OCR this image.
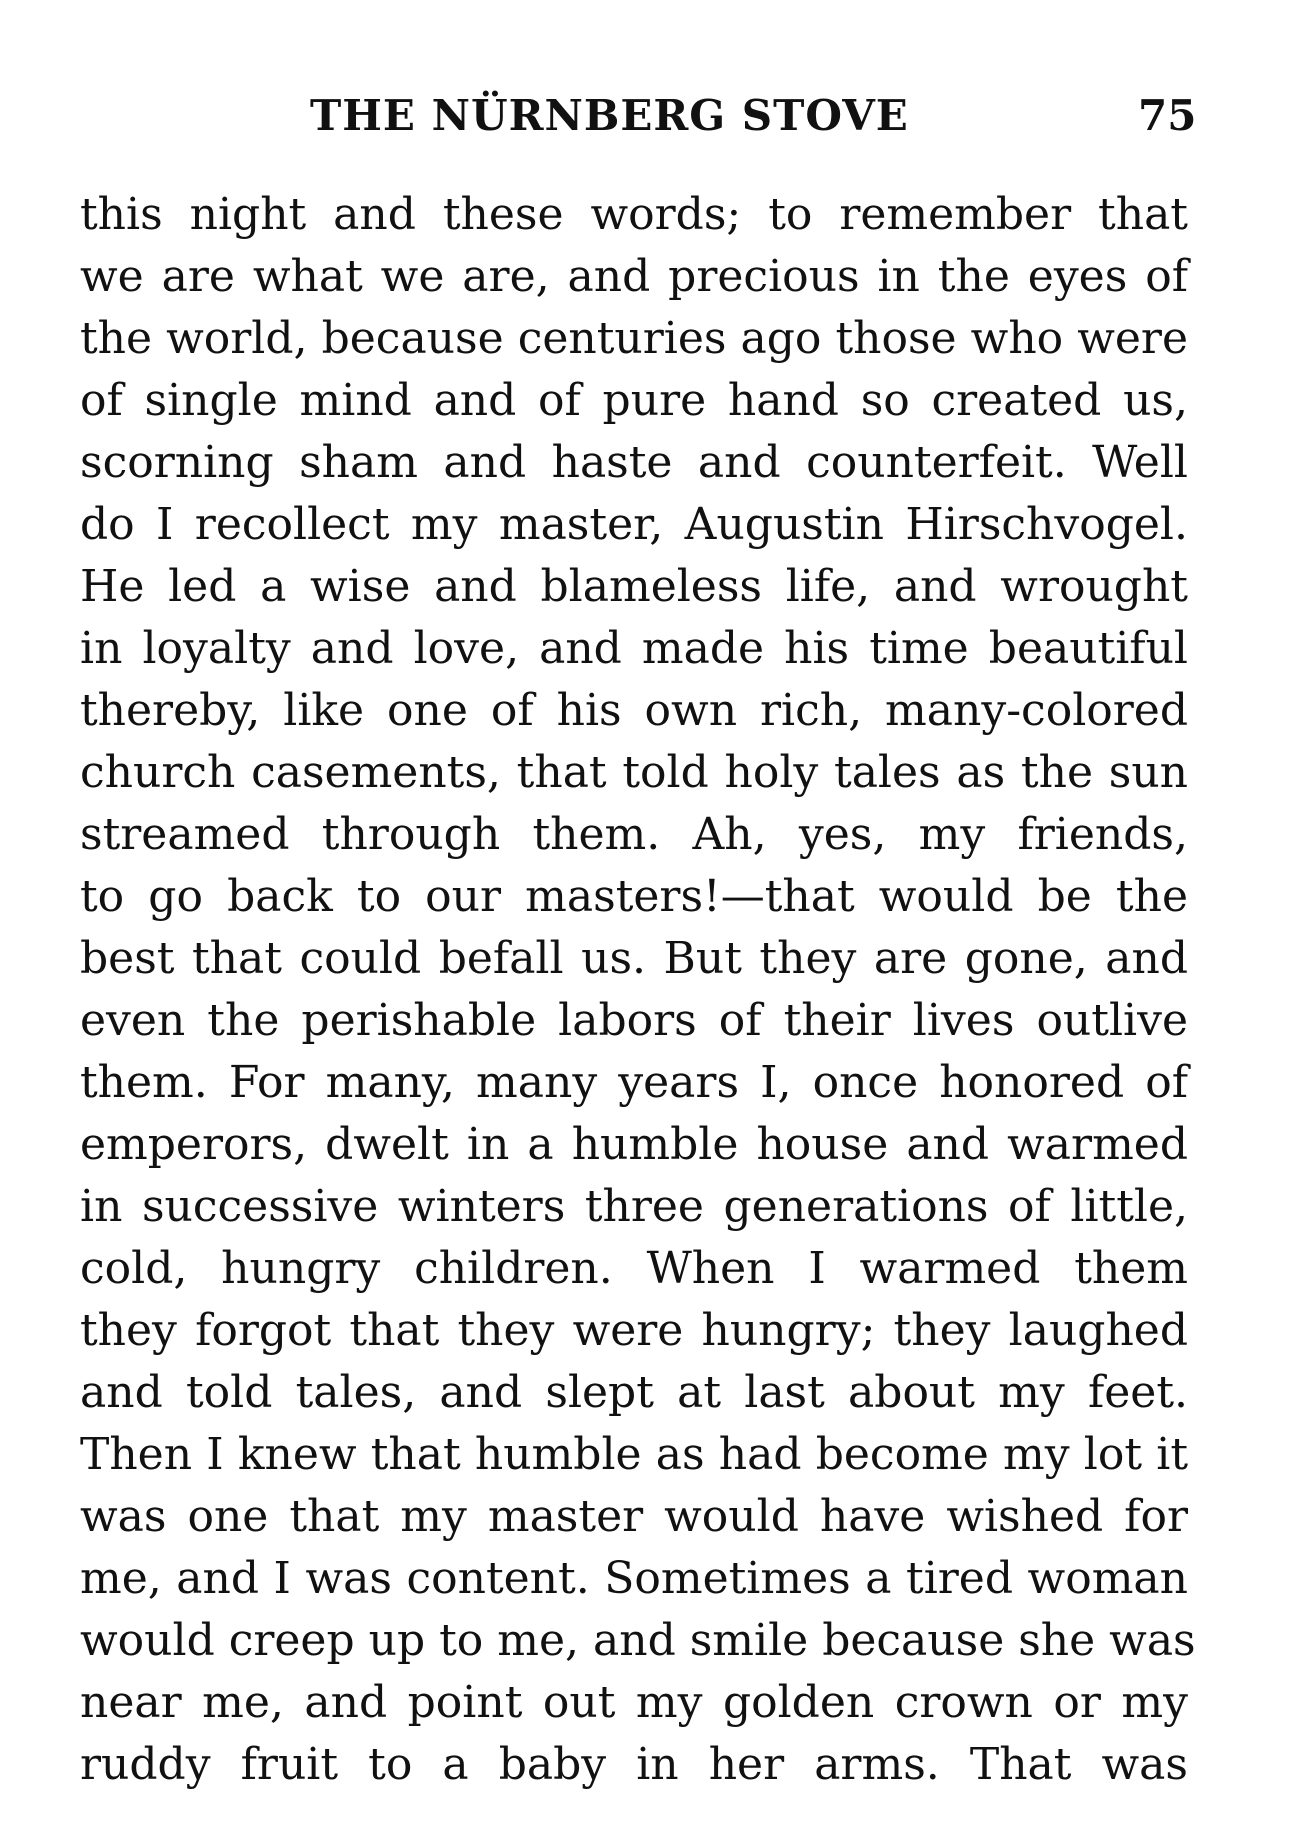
THE NÜRNBERG STOVE	75
this night and these words; to remember that
we are what we are, and precious in the eyes of
the world, because centuries ago those who were
of single mind and of pure hand so created us,
scorning sham and haste and counterfeit. Well
do I recollect my master, Augustin Hirschvogel.
He led a wise and blameless life, and wrought
in loyalty and love, and made his time beautiful
thereby, like one of his own rich, many-colored
church casements, that told holy tales as the sun
streamed through them. Ah, yes, my friends,
to go back to our masters!—that would be the
best that could befall us. But they are gone, and
even the perishable labors of their lives outlive
them. For many, many years I, once honored of
emperors, dwelt in a humble house and warmed
in successive winters three generations of little,
cold, hungry children. When I warmed them
they forgot that they were hungry; they laughed
and told tales, and slept at last about my feet.
Then I knew that humble as had become my lot it
was one that my master would have wished for
me, and I was content. Sometimes a tired woman
would creep up to me, and smile because she was
near me, and point out my golden crown or my
ruddy fruit to a baby in her arms. That was
